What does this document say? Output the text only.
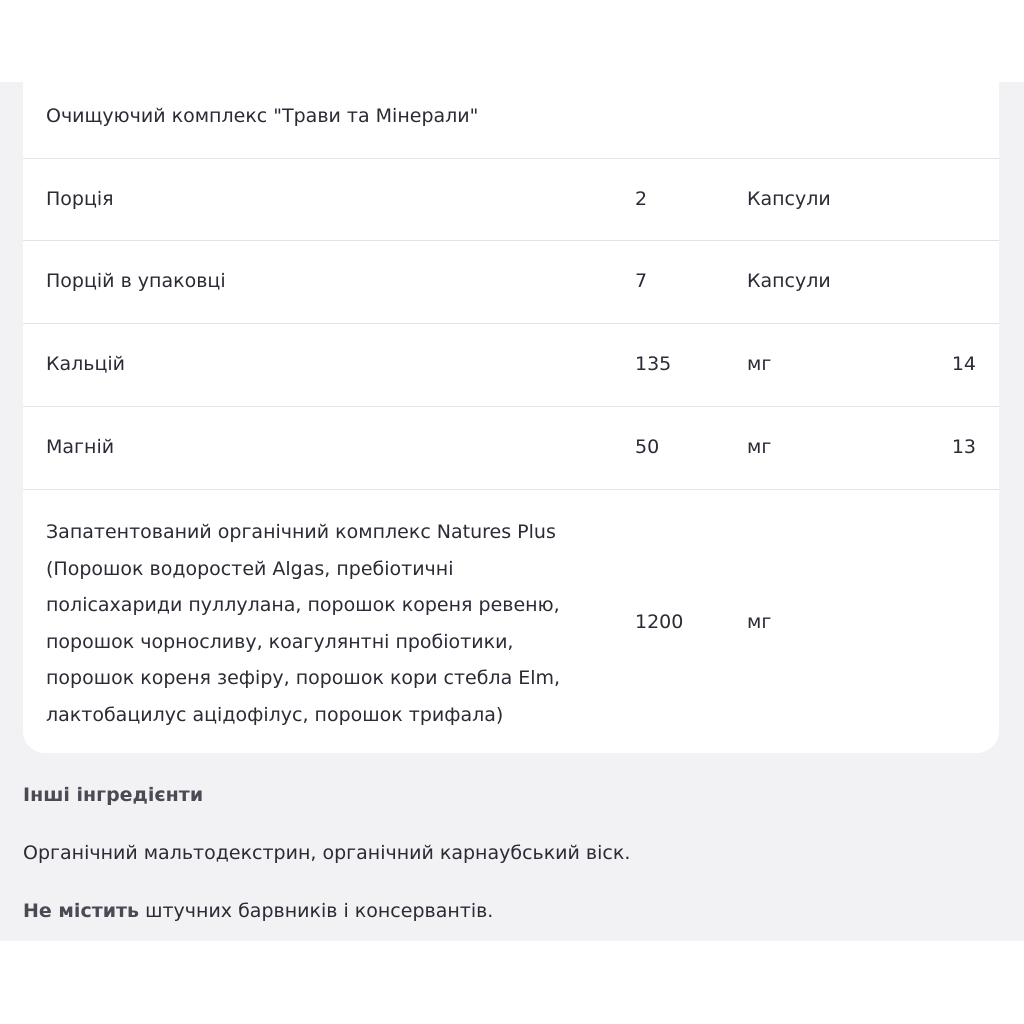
Очищуючий комплекс "Трави та Мінерали"
Порція	2	Капсули
Порцій в упаковці	7	Капсули
Кальцій	135	мг	14
Магній	50	мг	13
Запатентований органічний комплекс Natures Plus
(Порошок водоростей Algas, пребіотичні
полісахариди пуллулана, порошок кореня ревеню,
порошок чорносливу, коагулянтні пробіотики,
порошок кореня зефіру, порошок кори стебла Elm,
лактобацилус ацідофілус, порошок трифала)
1200	мг
Інші інгредієнти
Органічний мальтодекстрин, органічний карнаубський віск.
Не містить штучних барвників і консервантів.
